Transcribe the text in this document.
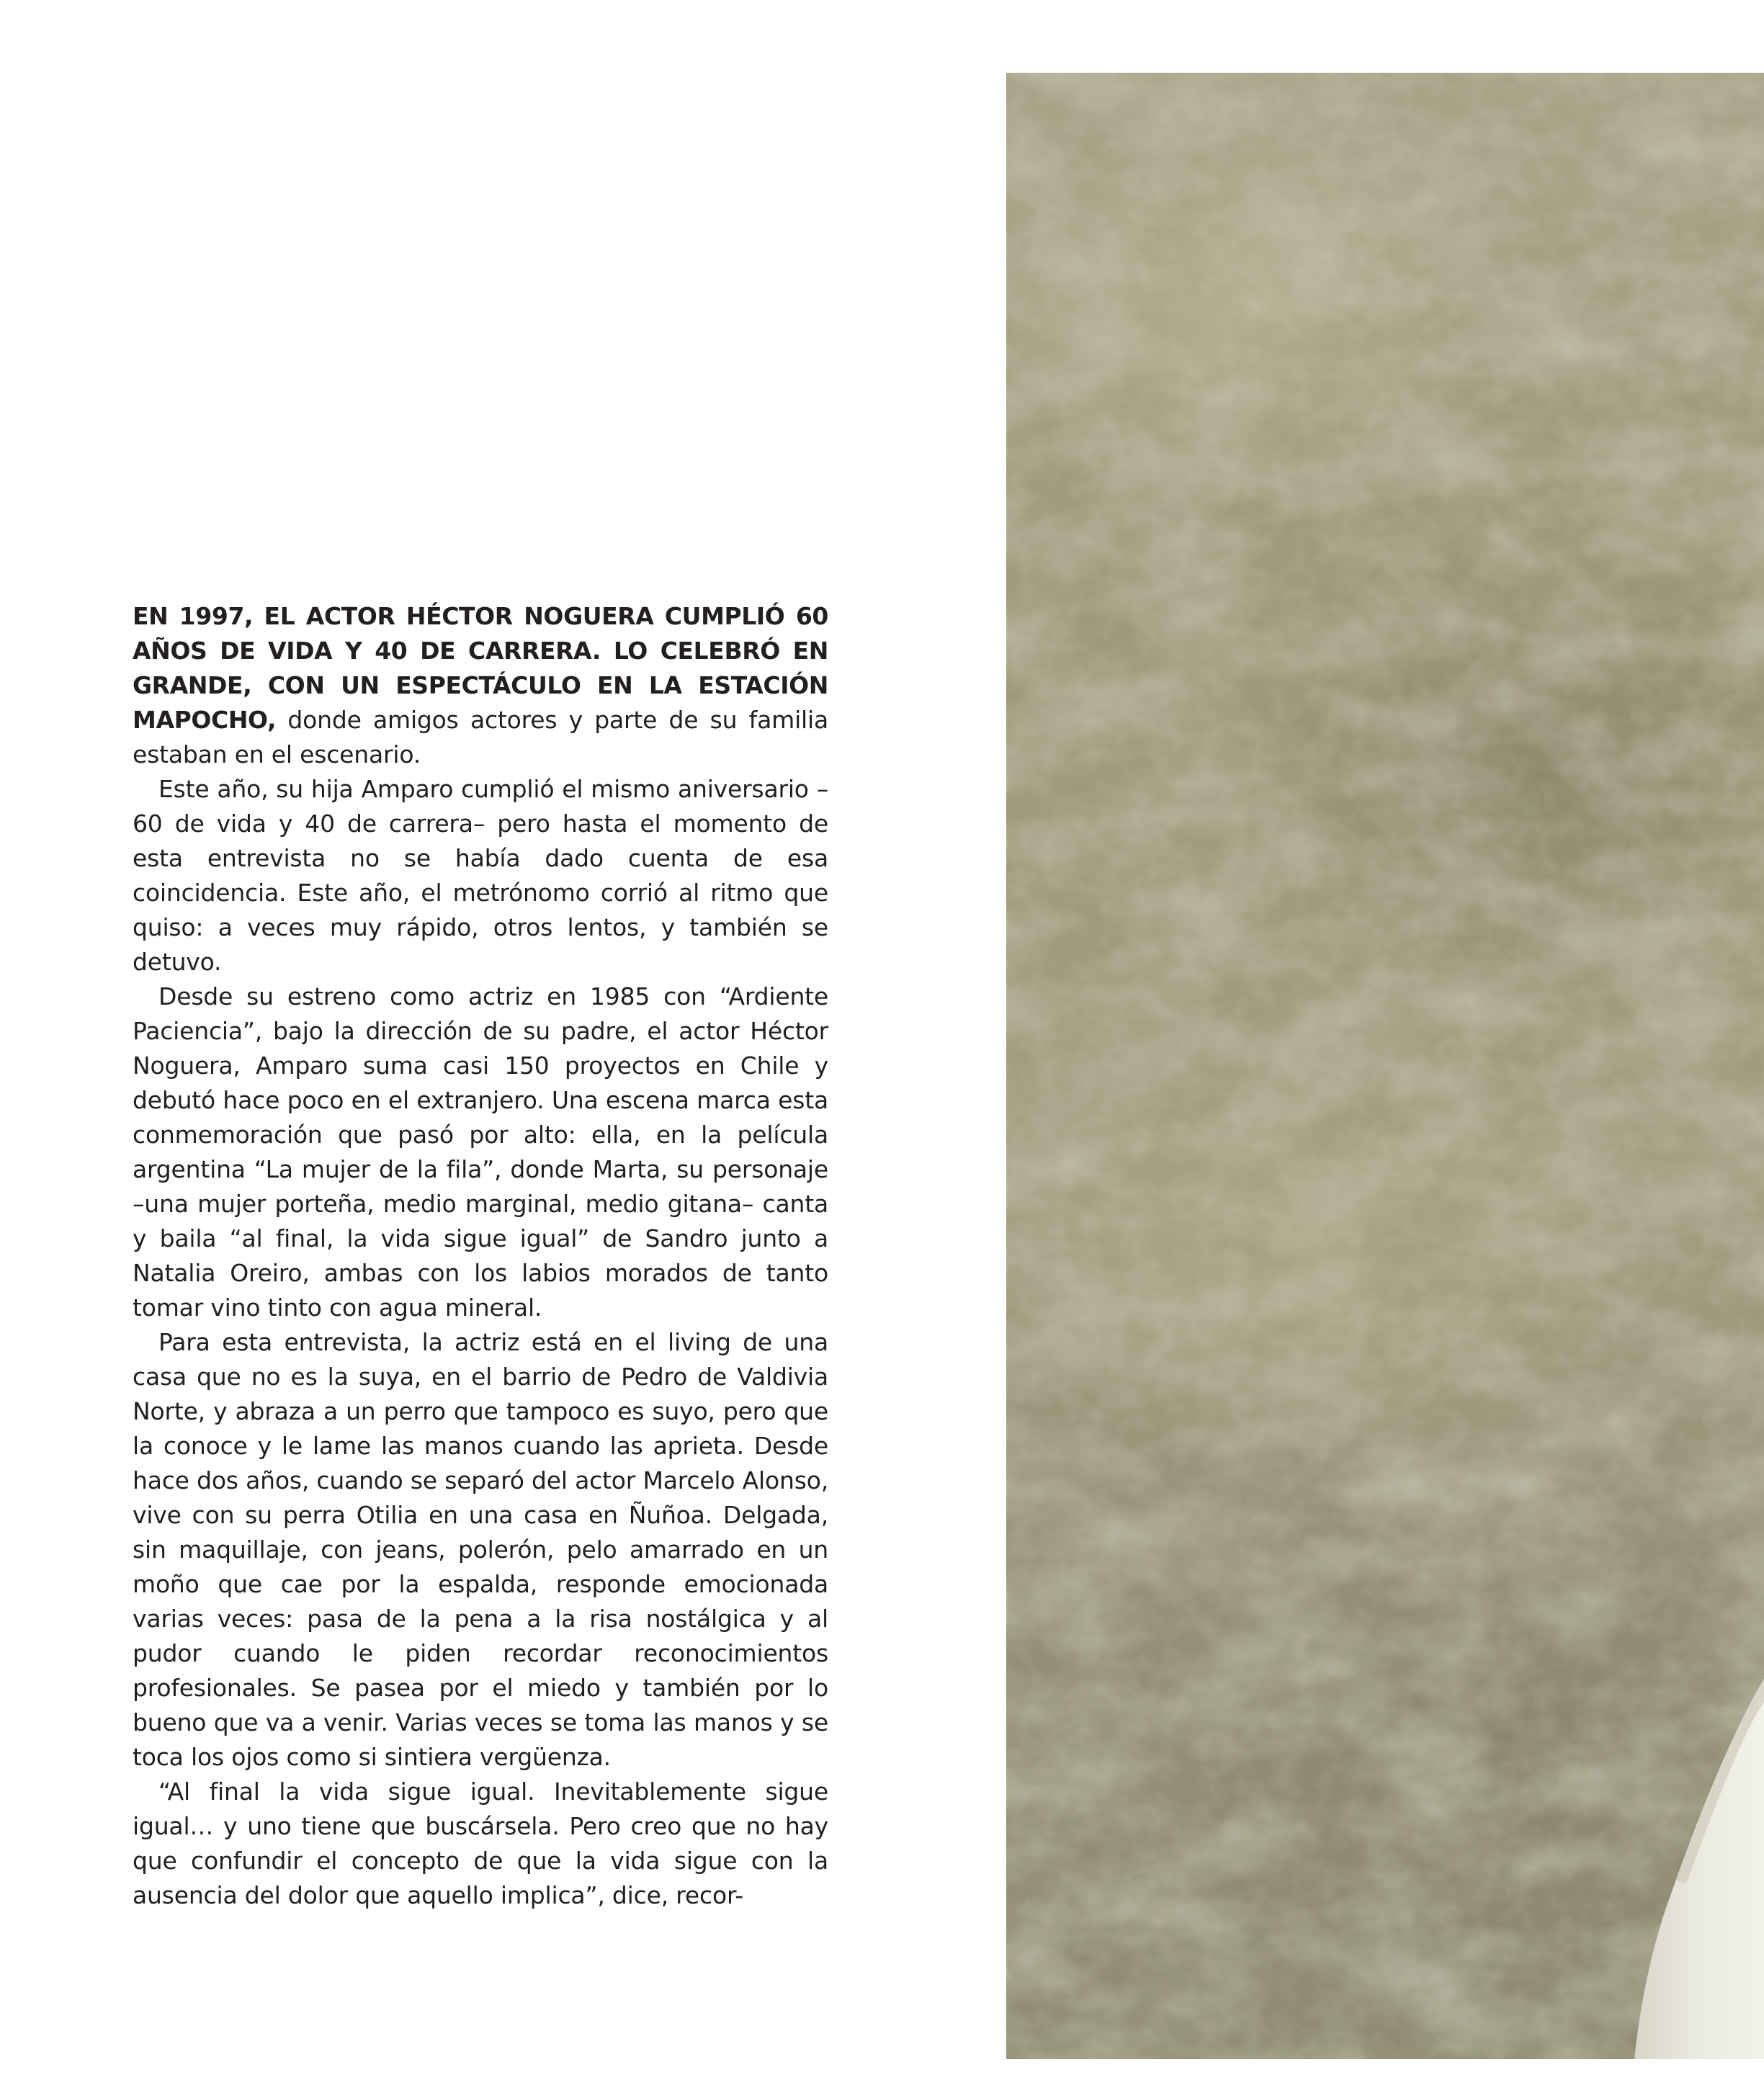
EN 1997, EL ACTOR HÉCTOR NOGUERA CUMPLIÓ 60 AÑOS DE VIDA Y 40 DE CARRERA. LO CELEBRÓ EN GRANDE, CON UN ESPECTÁCULO EN LA ESTACIÓN MAPOCHO, donde amigos actores y parte de su familia estaban en el escenario.

Este año, su hija Amparo cumplió el mismo aniversario –60 de vida y 40 de carrera– pero hasta el momento de esta entrevista no se había dado cuenta de esa coincidencia. Este año, el metrónomo corrió al ritmo que quiso: a veces muy rápido, otros lentos, y también se detuvo.

Desde su estreno como actriz en 1985 con “Ardiente Paciencia”, bajo la dirección de su padre, el actor Héctor Noguera, Amparo suma casi 150 proyectos en Chile y debutó hace poco en el extranjero. Una escena marca esta conmemoración que pasó por alto: ella, en la película argentina “La mujer de la fila”, donde Marta, su personaje –una mujer porteña, medio marginal, medio gitana– canta y baila “al final, la vida sigue igual” de Sandro junto a Natalia Oreiro, ambas con los labios morados de tanto tomar vino tinto con agua mineral.

Para esta entrevista, la actriz está en el living de una casa que no es la suya, en el barrio de Pedro de Valdivia Norte, y abraza a un perro que tampoco es suyo, pero que la conoce y le lame las manos cuando las aprieta. Desde hace dos años, cuando se separó del actor Marcelo Alonso, vive con su perra Otilia en una casa en Ñuñoa. Delgada, sin maquillaje, con jeans, polerón, pelo amarrado en un moño que cae por la espalda, responde emocionada varias veces: pasa de la pena a la risa nostálgica y al pudor cuando le piden recordar reconocimientos profesionales. Se pasea por el miedo y también por lo bueno que va a venir. Varias veces se toma las manos y se toca los ojos como si sintiera vergüenza.

“Al final la vida sigue igual. Inevitablemente sigue igual… y uno tiene que buscársela. Pero creo que no hay que confundir el concepto de que la vida sigue con la ausencia del dolor que aquello implica”, dice, recor-
